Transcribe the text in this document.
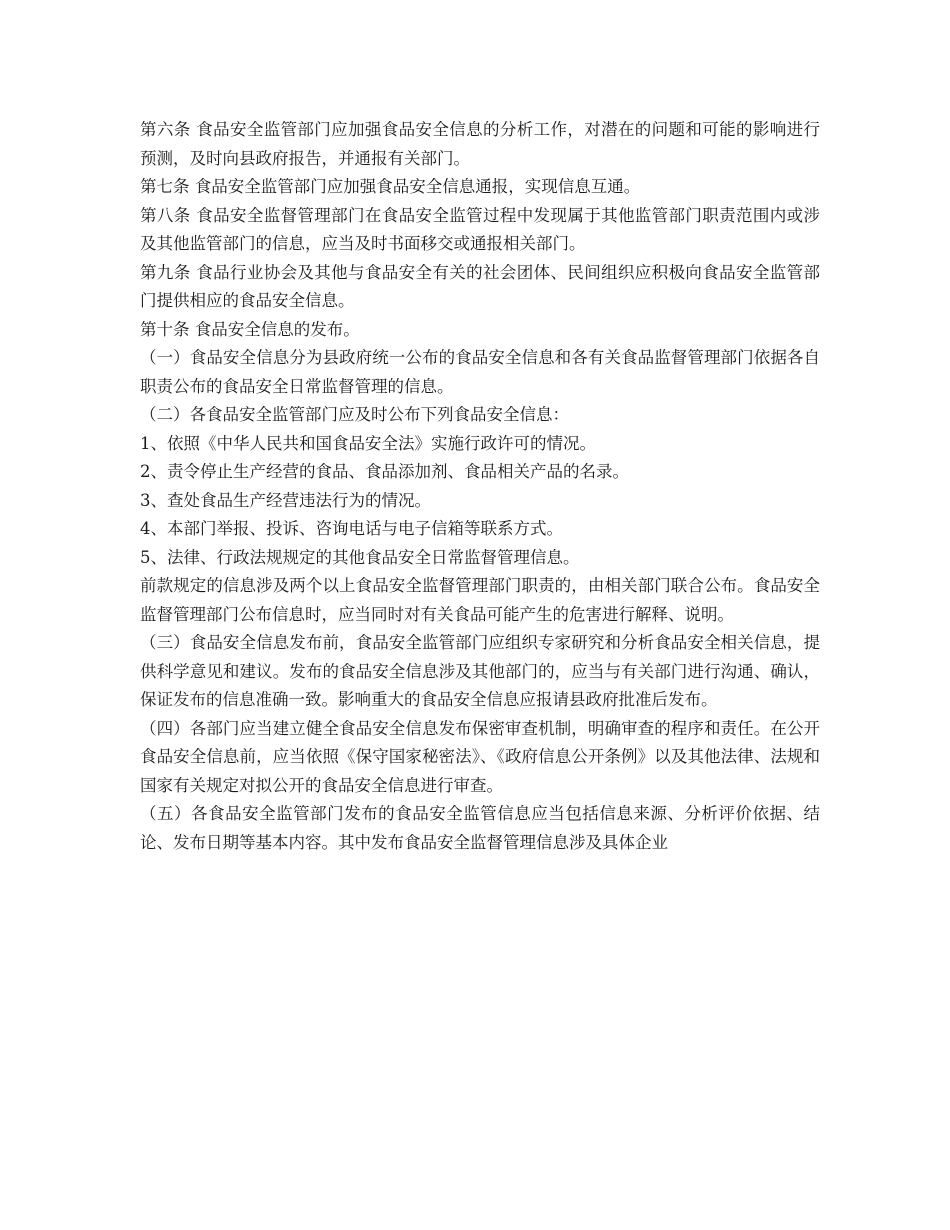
第六条 食品安全监管部门应加强食品安全信息的分析工作，对潜在的问题和可能的影响进行预测，及时向县政府报告，并通报有关部门。

第七条 食品安全监管部门应加强食品安全信息通报，实现信息互通。

第八条 食品安全监督管理部门在食品安全监管过程中发现属于其他监管部门职责范围内或涉及其他监管部门的信息，应当及时书面移交或通报相关部门。

第九条 食品行业协会及其他与食品安全有关的社会团体、民间组织应积极向食品安全监管部门提供相应的食品安全信息。

第十条 食品安全信息的发布。

（一）食品安全信息分为县政府统一公布的食品安全信息和各有关食品监督管理部门依据各自职责公布的食品安全日常监督管理的信息。

（二）各食品安全监管部门应及时公布下列食品安全信息：

1、依照《中华人民共和国食品安全法》实施行政许可的情况。

2、责令停止生产经营的食品、食品添加剂、食品相关产品的名录。

3、查处食品生产经营违法行为的情况。

4、本部门举报、投诉、咨询电话与电子信箱等联系方式。

5、法律、行政法规规定的其他食品安全日常监督管理信息。

前款规定的信息涉及两个以上食品安全监督管理部门职责的，由相关部门联合公布。食品安全监督管理部门公布信息时，应当同时对有关食品可能产生的危害进行解释、说明。

（三）食品安全信息发布前，食品安全监管部门应组织专家研究和分析食品安全相关信息，提供科学意见和建议。发布的食品安全信息涉及其他部门的，应当与有关部门进行沟通、确认，保证发布的信息准确一致。影响重大的食品安全信息应报请县政府批准后发布。

（四）各部门应当建立健全食品安全信息发布保密审查机制，明确审查的程序和责任。在公开食品安全信息前，应当依照《保守国家秘密法》、《政府信息公开条例》以及其他法律、法规和国家有关规定对拟公开的食品安全信息进行审查。

（五）各食品安全监管部门发布的食品安全监管信息应当包括信息来源、分析评价依据、结论、发布日期等基本内容。其中发布食品安全监督管理信息涉及具体企业
